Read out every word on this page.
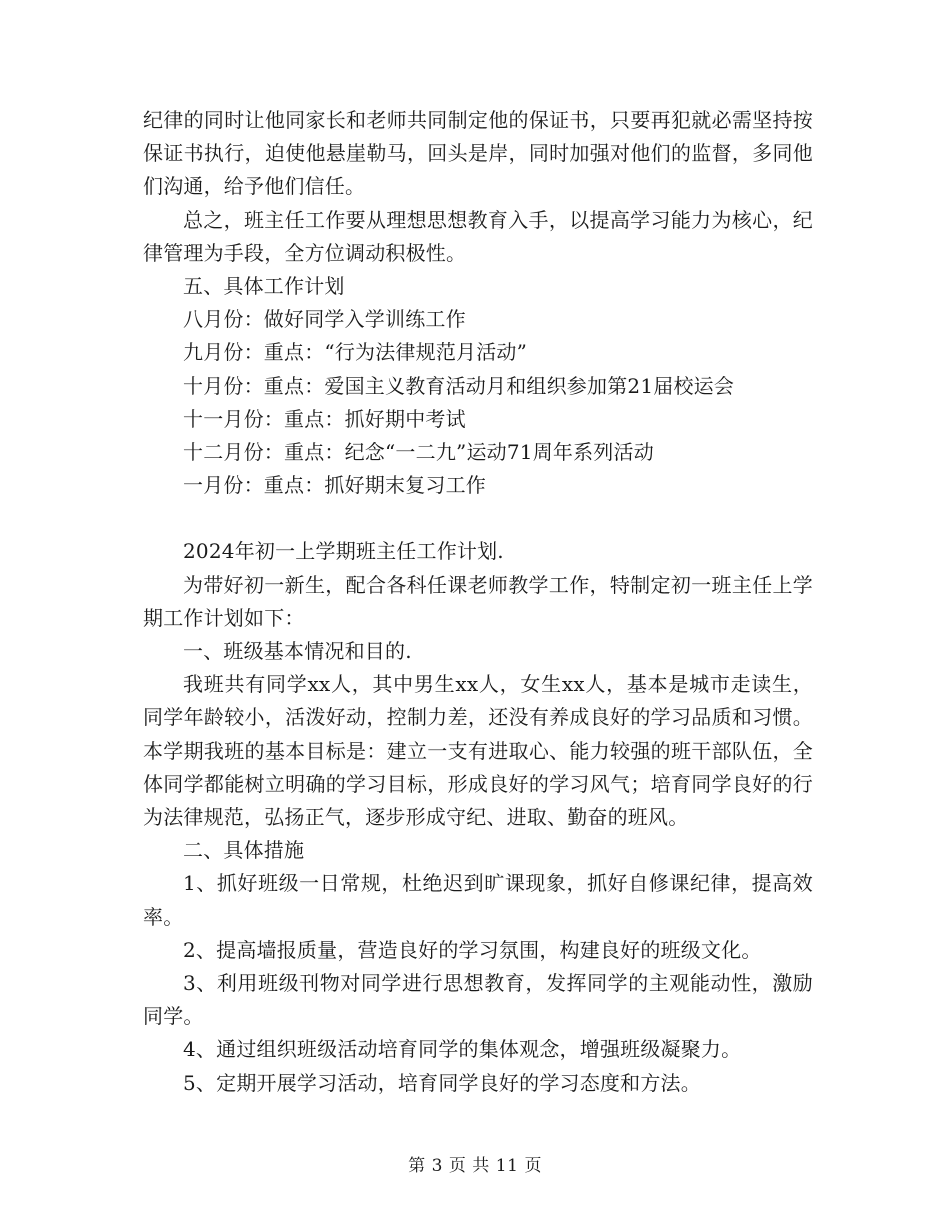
纪律的同时让他同家长和老师共同制定他的保证书，只要再犯就必需坚持按保证书执行，迫使他悬崖勒马，回头是岸，同时加强对他们的监督，多同他们沟通，给予他们信任。

总之，班主任工作要从理想思想教育入手，以提高学习能力为核心，纪律管理为手段，全方位调动积极性。

五、具体工作计划

八月份：做好同学入学训练工作

九月份：重点：“行为法律规范月活动”

十月份：重点：爱国主义教育活动月和组织参加第21届校运会

十一月份：重点：抓好期中考试

十二月份：重点：纪念“一二九”运动71周年系列活动

一月份：重点：抓好期末复习工作

2024年初一上学期班主任工作计划.

为带好初一新生，配合各科任课老师教学工作，特制定初一班主任上学期工作计划如下：

一、班级基本情况和目的.

我班共有同学xx人，其中男生xx人，女生xx人，基本是城市走读生，同学年龄较小，活泼好动，控制力差，还没有养成良好的学习品质和习惯。本学期我班的基本目标是：建立一支有进取心、能力较强的班干部队伍，全体同学都能树立明确的学习目标，形成良好的学习风气；培育同学良好的行为法律规范，弘扬正气，逐步形成守纪、进取、勤奋的班风。

二、具体措施

1、抓好班级一日常规，杜绝迟到旷课现象，抓好自修课纪律，提高效率。

2、提高墙报质量，营造良好的学习氛围，构建良好的班级文化。

3、利用班级刊物对同学进行思想教育，发挥同学的主观能动性，激励同学。

4、通过组织班级活动培育同学的集体观念，增强班级凝聚力。

5、定期开展学习活动，培育同学良好的学习态度和方法。

第 3 页 共 11 页
